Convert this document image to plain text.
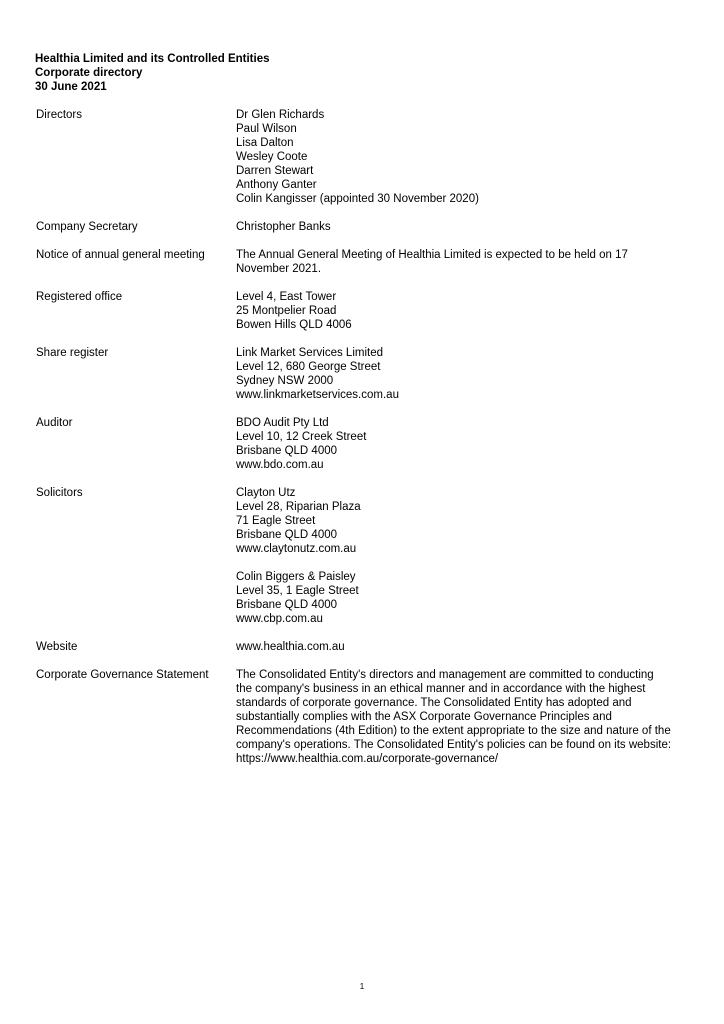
Healthia Limited and its Controlled Entities
Corporate directory
30 June 2021
Directors	Dr Glen Richards
Paul Wilson
Lisa Dalton
Wesley Coote
Darren Stewart
Anthony Ganter
Colin Kangisser (appointed 30 November 2020)
Company Secretary	Christopher Banks
Notice of annual general meeting	The Annual General Meeting of Healthia Limited is expected to be held on 17
November 2021.
Registered office	Level 4, East Tower
25 Montpelier Road
Bowen Hills QLD 4006
Share register	Link Market Services Limited
Level 12, 680 George Street
Sydney NSW 2000
www.linkmarketservices.com.au
Auditor	BDO Audit Pty Ltd
Level 10, 12 Creek Street
Brisbane QLD 4000
www.bdo.com.au
Solicitors	Clayton Utz
Level 28, Riparian Plaza
71 Eagle Street
Brisbane QLD 4000
www.claytonutz.com.au
Colin Biggers & Paisley
Level 35, 1 Eagle Street
Brisbane QLD 4000
www.cbp.com.au
Website	www.healthia.com.au
Corporate Governance Statement	The Consolidated Entity's directors and management are committed to conducting
the company's business in an ethical manner and in accordance with the highest
standards of corporate governance. The Consolidated Entity has adopted and
substantially complies with the ASX Corporate Governance Principles and
Recommendations (4th Edition) to the extent appropriate to the size and nature of the
company's operations. The Consolidated Entity's policies can be found on its website:
https://www.healthia.com.au/corporate-governance/
1
